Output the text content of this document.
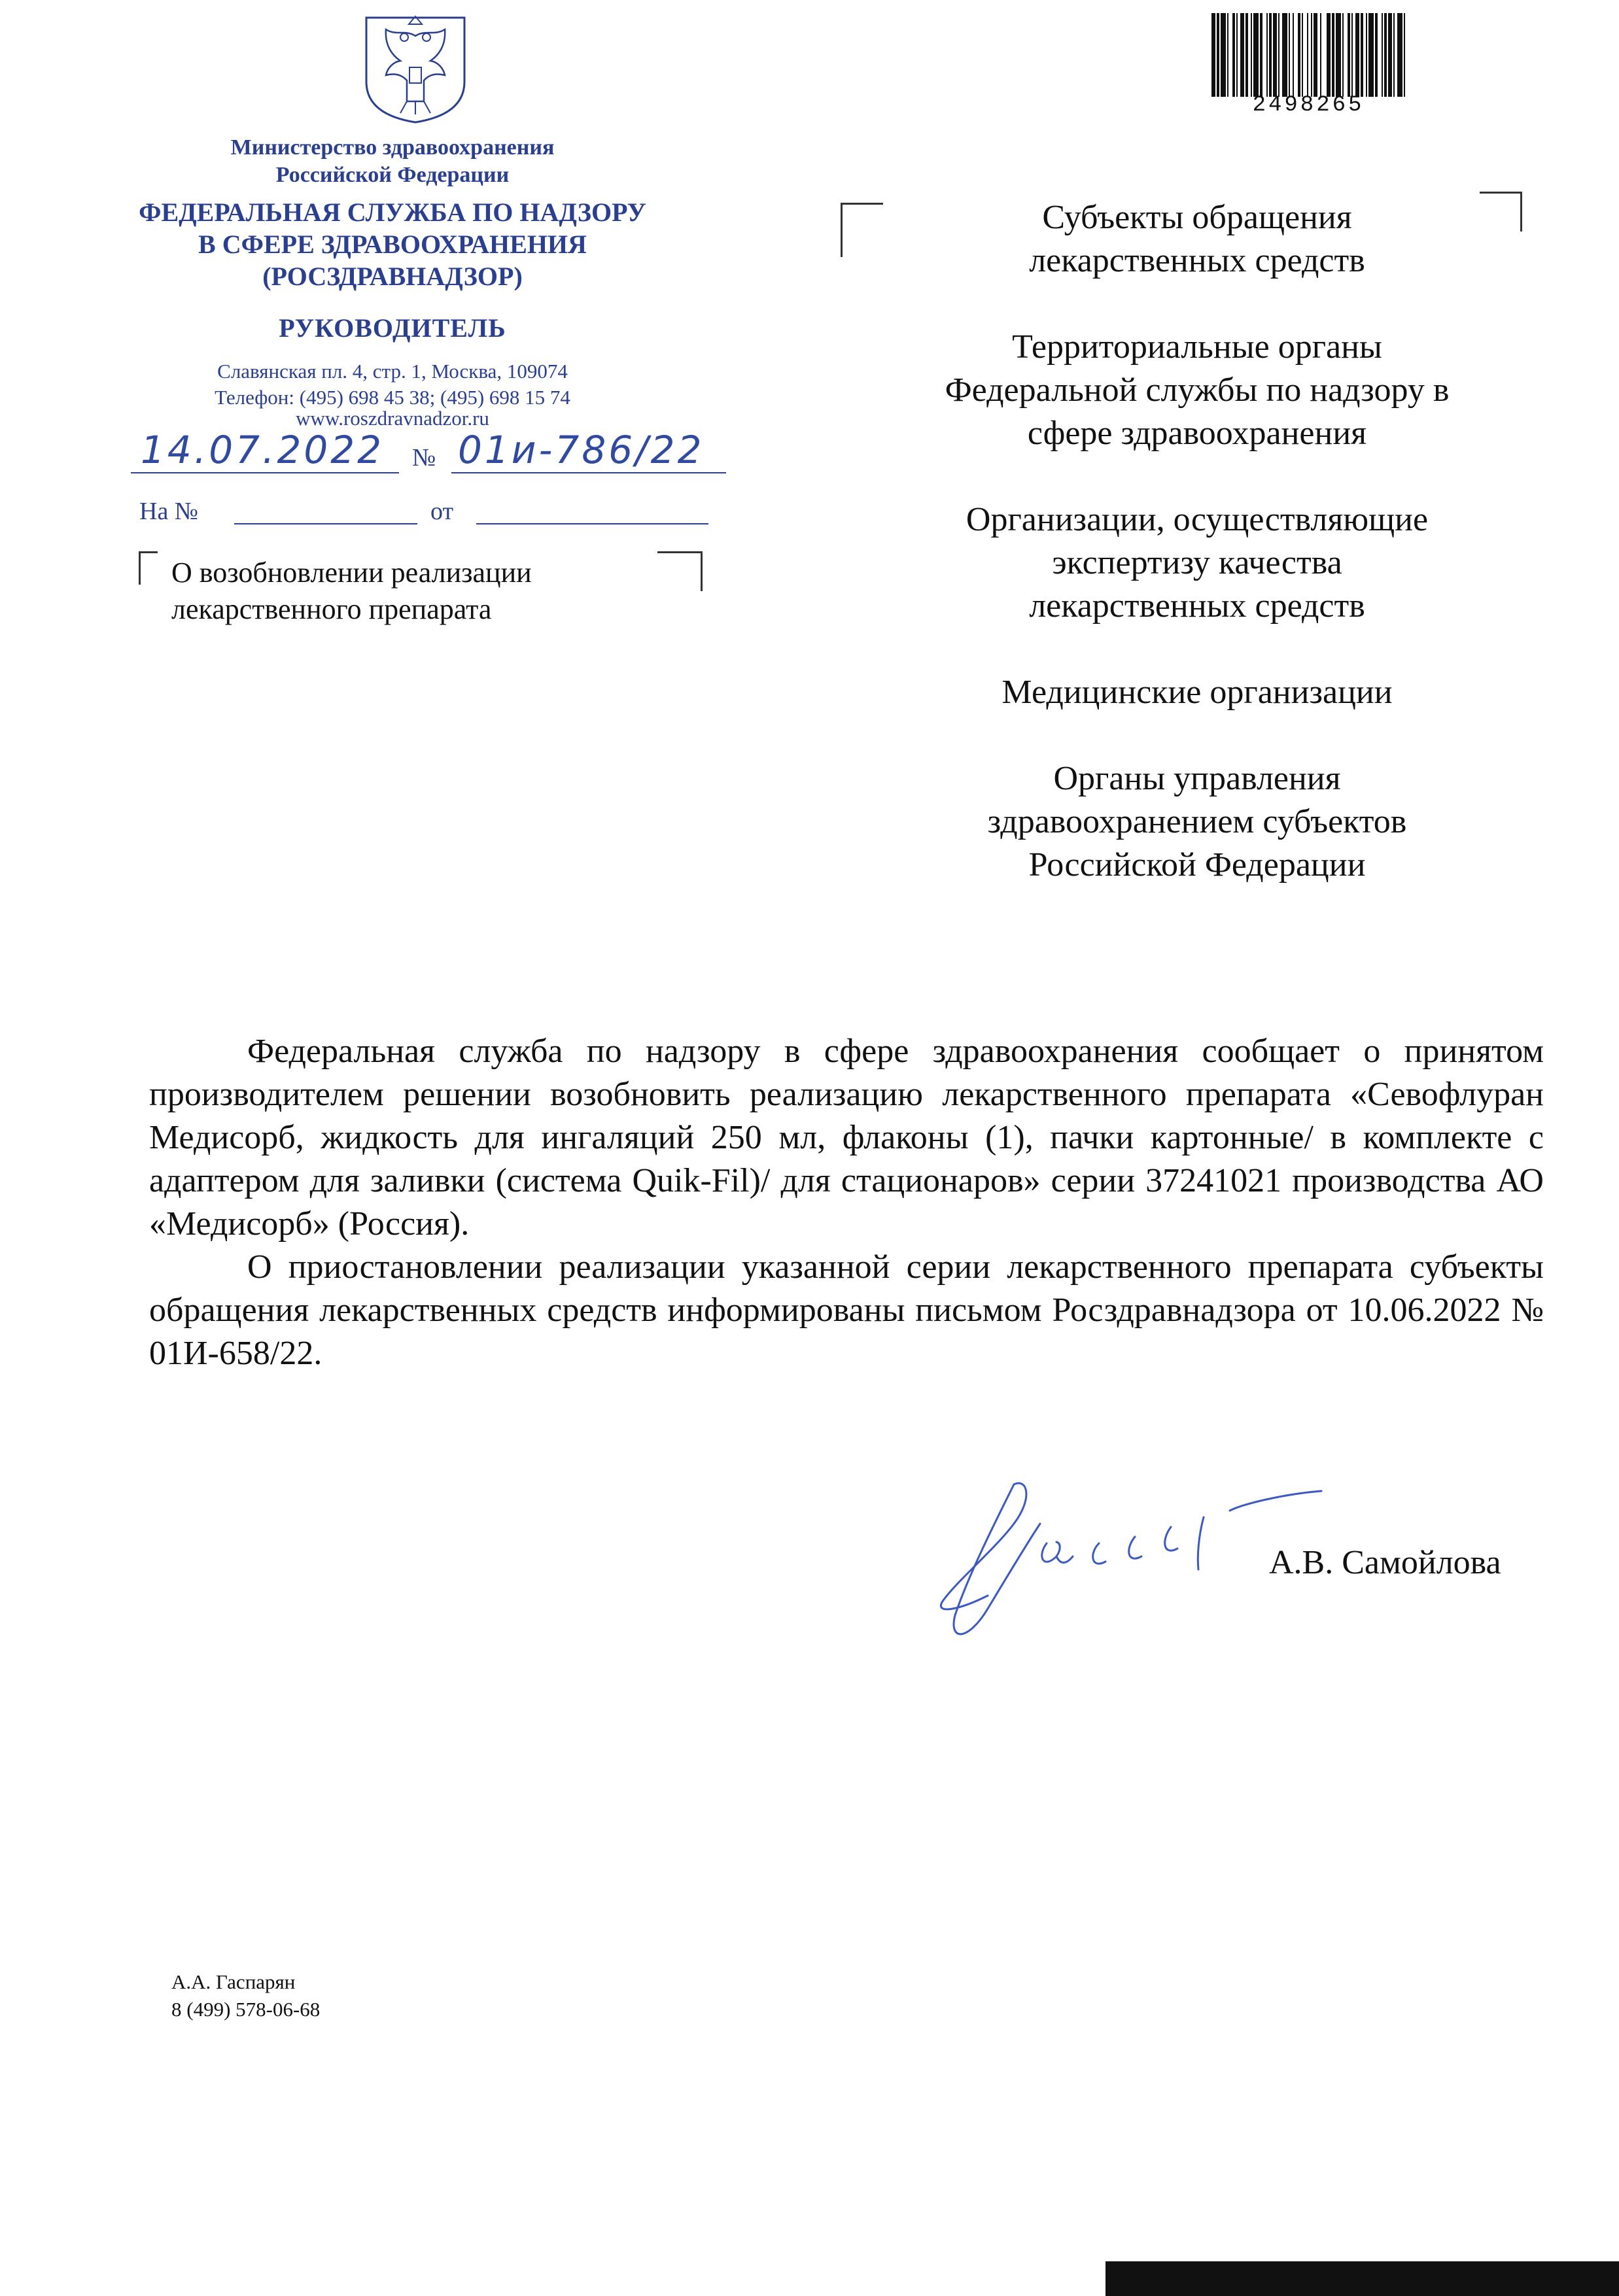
Министерство здравоохранения
Российской Федерации
ФЕДЕРАЛЬНАЯ СЛУЖБА ПО НАДЗОРУ
В СФЕРЕ ЗДРАВООХРАНЕНИЯ
(РОСЗДРАВНАДЗОР)
РУКОВОДИТЕЛЬ
Славянская пл. 4, стр. 1, Москва, 109074
Телефон: (495) 698 45 38; (495) 698 15 74
www.roszdravnadzor.ru
14.07.2022 № 01и-786/22
На №	от
О возобновлении реализации
лекарственного препарата
2498265
Субъекты обращения
лекарственных средств
Территориальные органы
Федеральной службы по надзору в
сфере здравоохранения
Организации, осуществляющие
экспертизу качества
лекарственных средств
Медицинские организации
Органы управления
здравоохранением субъектов
Российской Федерации

Федеральная служба по надзору в сфере здравоохранения сообщает о принятом производителем решении возобновить реализацию лекарственного препарата «Севофлуран Медисорб, жидкость для ингаляций 250 мл, флаконы (1), пачки картонные/ в комплекте с адаптером для заливки (система Quik-Fil)/ для стационаров» серии 37241021 производства АО «Медисорб» (Россия).

О приостановлении реализации указанной серии лекарственного препарата субъекты обращения лекарственных средств информированы письмом Росздравнадзора от 10.06.2022 № 01И-658/22.

А.В. Самойлова
А.А. Гаспарян
8 (499) 578-06-68
